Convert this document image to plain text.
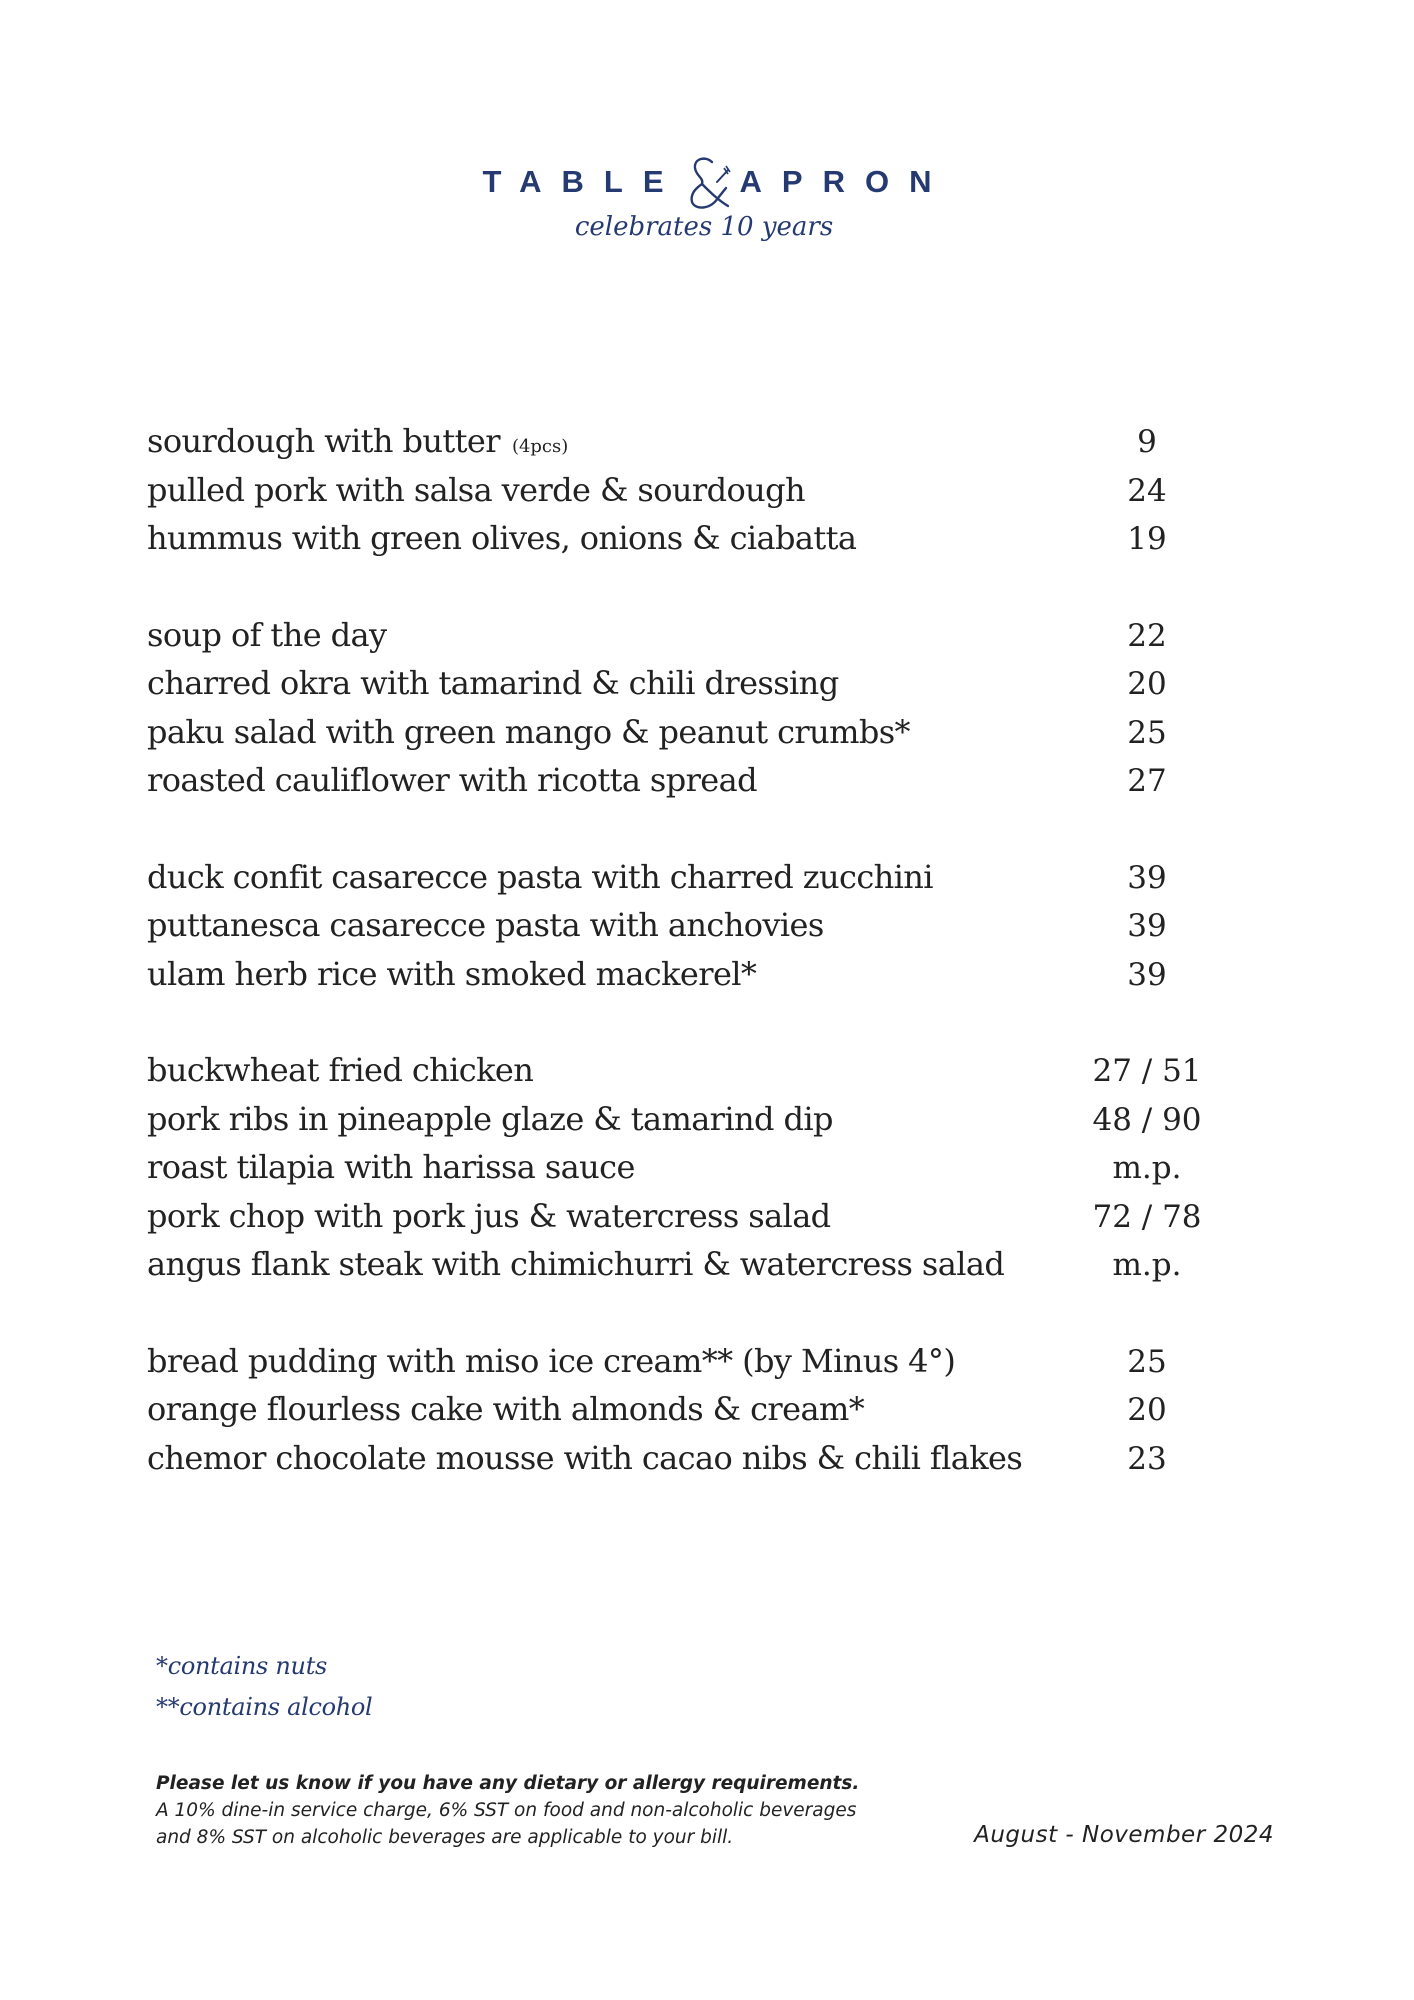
TABLE APRON
celebrates 10 years
sourdough with butter (4pcs)	9
pulled pork with salsa verde & sourdough	24
hummus with green olives, onions & ciabatta	19
soup of the day	22
charred okra with tamarind & chili dressing	20
paku salad with green mango & peanut crumbs*	25
roasted cauliflower with ricotta spread	27
duck confit casarecce pasta with charred zucchini	39
puttanesca casarecce pasta with anchovies	39
ulam herb rice with smoked mackerel*	39
buckwheat fried chicken	27 / 51
pork ribs in pineapple glaze & tamarind dip	48 / 90
roast tilapia with harissa sauce	m.p.
pork chop with pork jus & watercress salad	72 / 78
angus flank steak with chimichurri & watercress salad	m.p.
bread pudding with miso ice cream** (by Minus 4°)	25
orange flourless cake with almonds & cream*	20
chemor chocolate mousse with cacao nibs & chili flakes	23
*contains nuts
**contains alcohol
Please let us know if you have any dietary or allergy requirements.
A 10% dine-in service charge, 6% SST on food and non-alcoholic beverages
and 8% SST on alcoholic beverages are applicable to your bill.	August - November 2024
